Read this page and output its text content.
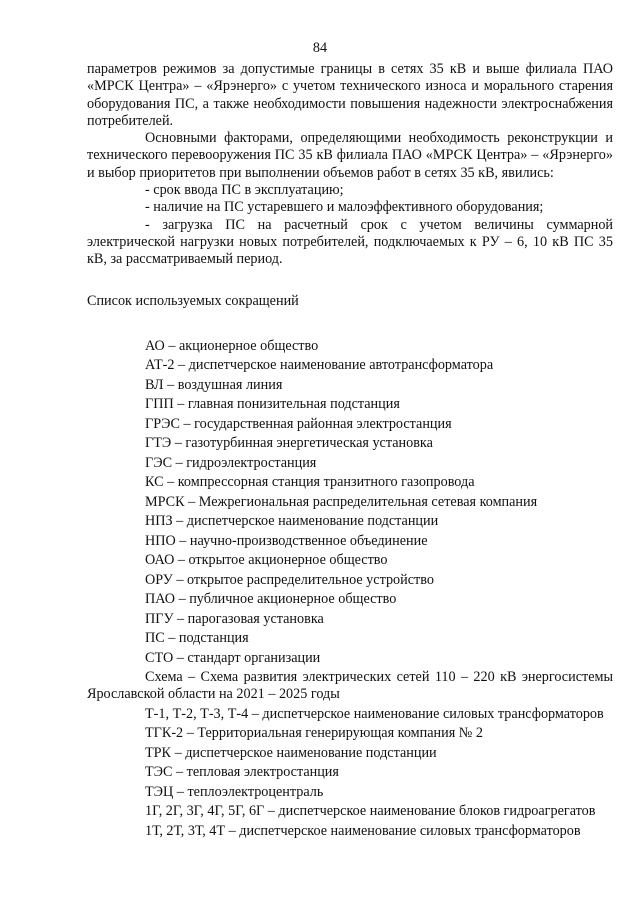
84

параметров режимов за допустимые границы в сетях 35 кВ и выше филиала ПАО «МРСК Центра» – «Ярэнерго» с учетом технического износа и морального старения оборудования ПС, а также необходимости повышения надежности электроснабжения потребителей.

Основными факторами, определяющими необходимость реконструкции и технического перевооружения ПС 35 кВ филиала ПАО «МРСК Центра» – «Ярэнерго» и выбор приоритетов при выполнении объемов работ в сетях 35 кВ, явились:

- срок ввода ПС в эксплуатацию;

- наличие на ПС устаревшего и малоэффективного оборудования;

- загрузка ПС на расчетный срок с учетом величины суммарной электрической нагрузки новых потребителей, подключаемых к РУ – 6, 10 кВ ПС 35 кВ, за рассматриваемый период.

Список используемых сокращений

АО – акционерное общество

АТ-2 – диспетчерское наименование автотрансформатора

ВЛ – воздушная линия

ГПП – главная понизительная подстанция

ГРЭС – государственная районная электростанция

ГТЭ – газотурбинная энергетическая установка

ГЭС – гидроэлектростанция

КС – компрессорная станция транзитного газопровода

МРСК – Межрегиональная распределительная сетевая компания

НПЗ – диспетчерское наименование подстанции

НПО – научно-производственное объединение

ОАО – открытое акционерное общество

ОРУ – открытое распределительное устройство

ПАО – публичное акционерное общество

ПГУ – парогазовая установка

ПС – подстанция

СТО – стандарт организации

Схема – Схема развития электрических сетей 110 – 220 кВ энергосистемы Ярославской области на 2021 – 2025 годы

Т-1, Т-2, Т-3, Т-4 – диспетчерское наименование силовых трансформаторов

ТГК-2 – Территориальная генерирующая компания № 2

ТРК – диспетчерское наименование подстанции

ТЭС – тепловая электростанция

ТЭЦ – теплоэлектроцентраль

1Г, 2Г, 3Г, 4Г, 5Г, 6Г – диспетчерское наименование блоков гидроагрегатов

1Т, 2Т, 3Т, 4Т – диспетчерское наименование силовых трансформаторов
